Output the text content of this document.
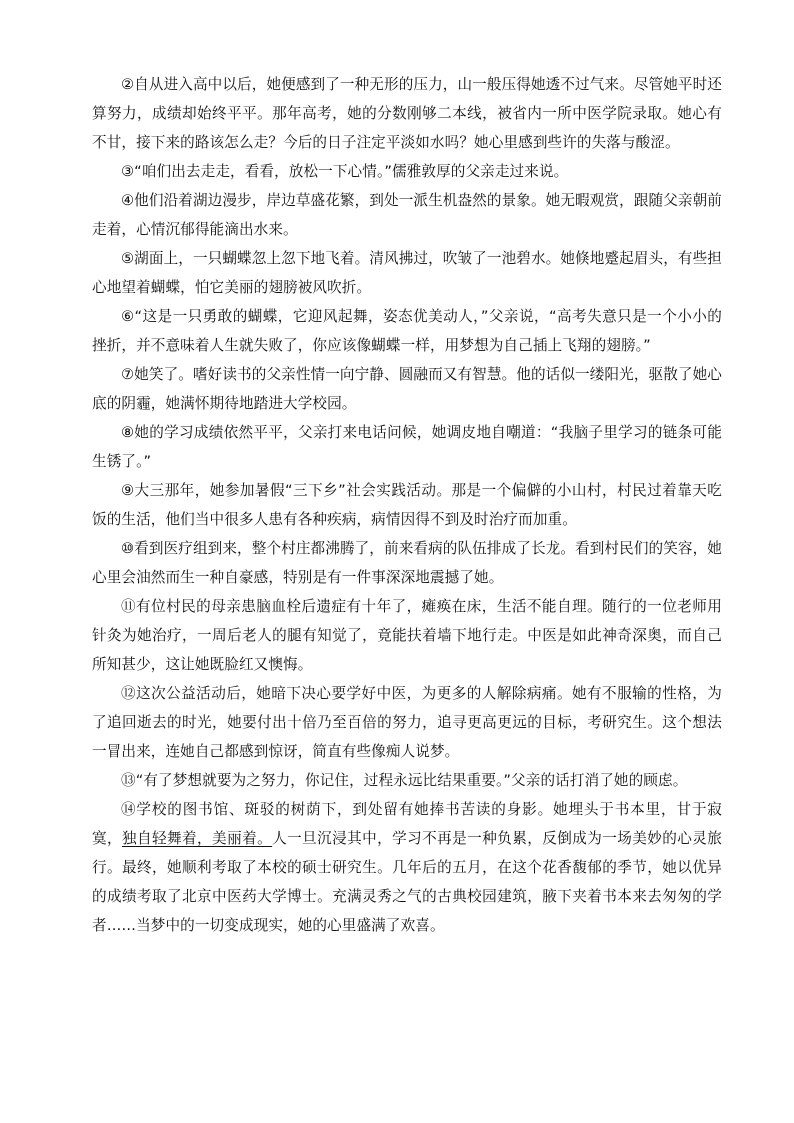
②自从进入高中以后，她便感到了一种无形的压力，山一般压得她透不过气来。尽管她平时还算努力，成绩却始终平平。那年高考，她的分数刚够二本线，被省内一所中医学院录取。她心有不甘，接下来的路该怎么走？今后的日子注定平淡如水吗？她心里感到些许的失落与酸涩。

③“咱们出去走走，看看，放松一下心情。”儒雅敦厚的父亲走过来说。

④他们沿着湖边漫步，岸边草盛花繁，到处一派生机盎然的景象。她无暇观赏，跟随父亲朝前走着，心情沉郁得能滴出水来。

⑤湖面上，一只蝴蝶忽上忽下地飞着。清风拂过，吹皱了一池碧水。她倏地蹙起眉头，有些担心地望着蝴蝶，怕它美丽的翅膀被风吹折。

⑥“这是一只勇敢的蝴蝶，它迎风起舞，姿态优美动人，”父亲说，“高考失意只是一个小小的挫折，并不意味着人生就失败了，你应该像蝴蝶一样，用梦想为自己插上飞翔的翅膀。”

⑦她笑了。嗜好读书的父亲性情一向宁静、圆融而又有智慧。他的话似一缕阳光，驱散了她心底的阴霾，她满怀期待地踏进大学校园。

⑧她的学习成绩依然平平，父亲打来电话问候，她调皮地自嘲道：“我脑子里学习的链条可能生锈了。”

⑨大三那年，她参加暑假“三下乡”社会实践活动。那是一个偏僻的小山村，村民过着靠天吃饭的生活，他们当中很多人患有各种疾病，病情因得不到及时治疗而加重。

⑩看到医疗组到来，整个村庄都沸腾了，前来看病的队伍排成了长龙。看到村民们的笑容，她心里会油然而生一种自豪感，特别是有一件事深深地震撼了她。

⑪有位村民的母亲患脑血栓后遗症有十年了，瘫痪在床，生活不能自理。随行的一位老师用针灸为她治疗，一周后老人的腿有知觉了，竟能扶着墙下地行走。中医是如此神奇深奥，而自己所知甚少，这让她既脸红又懊悔。

⑫这次公益活动后，她暗下决心要学好中医，为更多的人解除病痛。她有不服输的性格，为了追回逝去的时光，她要付出十倍乃至百倍的努力，追寻更高更远的目标，考研究生。这个想法一冒出来，连她自己都感到惊讶，简直有些像痴人说梦。

⑬“有了梦想就要为之努力，你记住，过程永远比结果重要。”父亲的话打消了她的顾虑。

⑭学校的图书馆、斑驳的树荫下，到处留有她捧书苦读的身影。她埋头于书本里，甘于寂寞，独自轻舞着，美丽着。人一旦沉浸其中，学习不再是一种负累，反倒成为一场美妙的心灵旅行。最终，她顺利考取了本校的硕士研究生。几年后的五月，在这个花香馥郁的季节，她以优异的成绩考取了北京中医药大学博士。充满灵秀之气的古典校园建筑，腋下夹着书本来去匆匆的学者……当梦中的一切变成现实，她的心里盛满了欢喜。
